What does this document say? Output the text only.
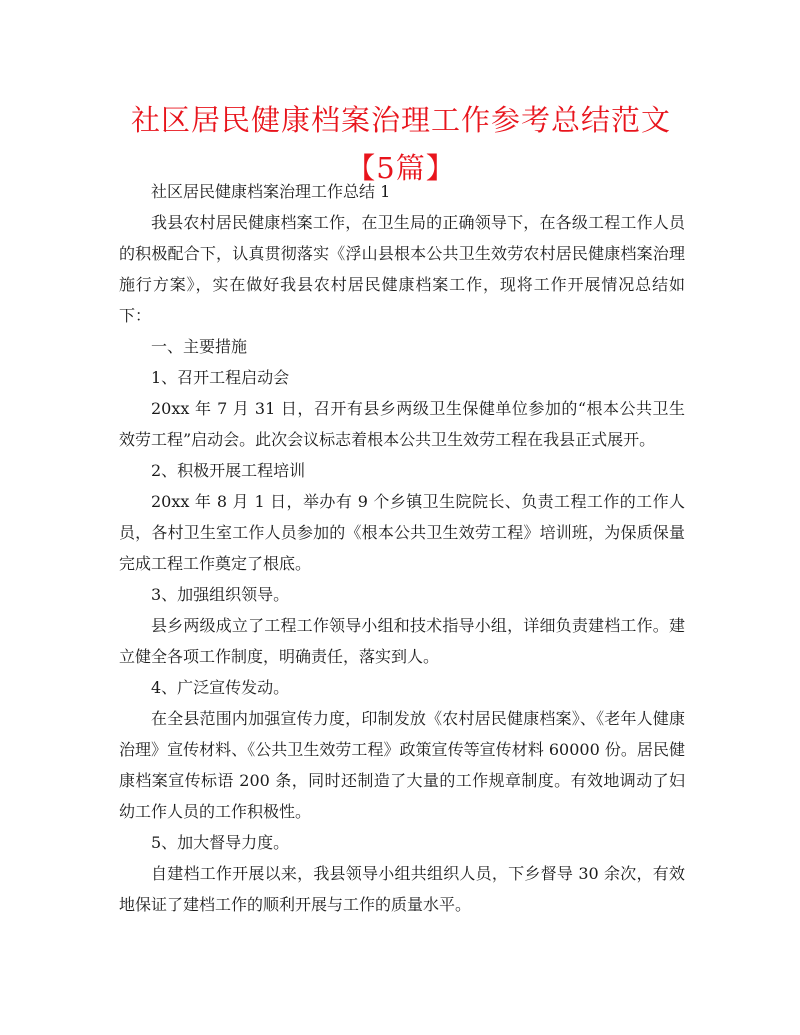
社区居民健康档案治理工作参考总结范文【5篇】

社区居民健康档案治理工作总结 1

我县农村居民健康档案工作，在卫生局的正确领导下，在各级工程工作人员的积极配合下，认真贯彻落实《浮山县根本公共卫生效劳农村居民健康档案治理施行方案》，实在做好我县农村居民健康档案工作，现将工作开展情况总结如下：

一、主要措施

1、召开工程启动会

20xx 年 7 月 31 日，召开有县乡两级卫生保健单位参加的“根本公共卫生效劳工程”启动会。此次会议标志着根本公共卫生效劳工程在我县正式展开。

2、积极开展工程培训

20xx 年 8 月 1 日，举办有 9 个乡镇卫生院院长、负责工程工作的工作人员，各村卫生室工作人员参加的《根本公共卫生效劳工程》培训班，为保质保量完成工程工作奠定了根底。

3、加强组织领导。

县乡两级成立了工程工作领导小组和技术指导小组，详细负责建档工作。建立健全各项工作制度，明确责任，落实到人。

4、广泛宣传发动。

在全县范围内加强宣传力度，印制发放《农村居民健康档案》、《老年人健康治理》宣传材料、《公共卫生效劳工程》政策宣传等宣传材料 60000 份。居民健康档案宣传标语 200 条，同时还制造了大量的工作规章制度。有效地调动了妇幼工作人员的工作积极性。

5、加大督导力度。

自建档工作开展以来，我县领导小组共组织人员，下乡督导 30 余次，有效地保证了建档工作的顺利开展与工作的质量水平。
